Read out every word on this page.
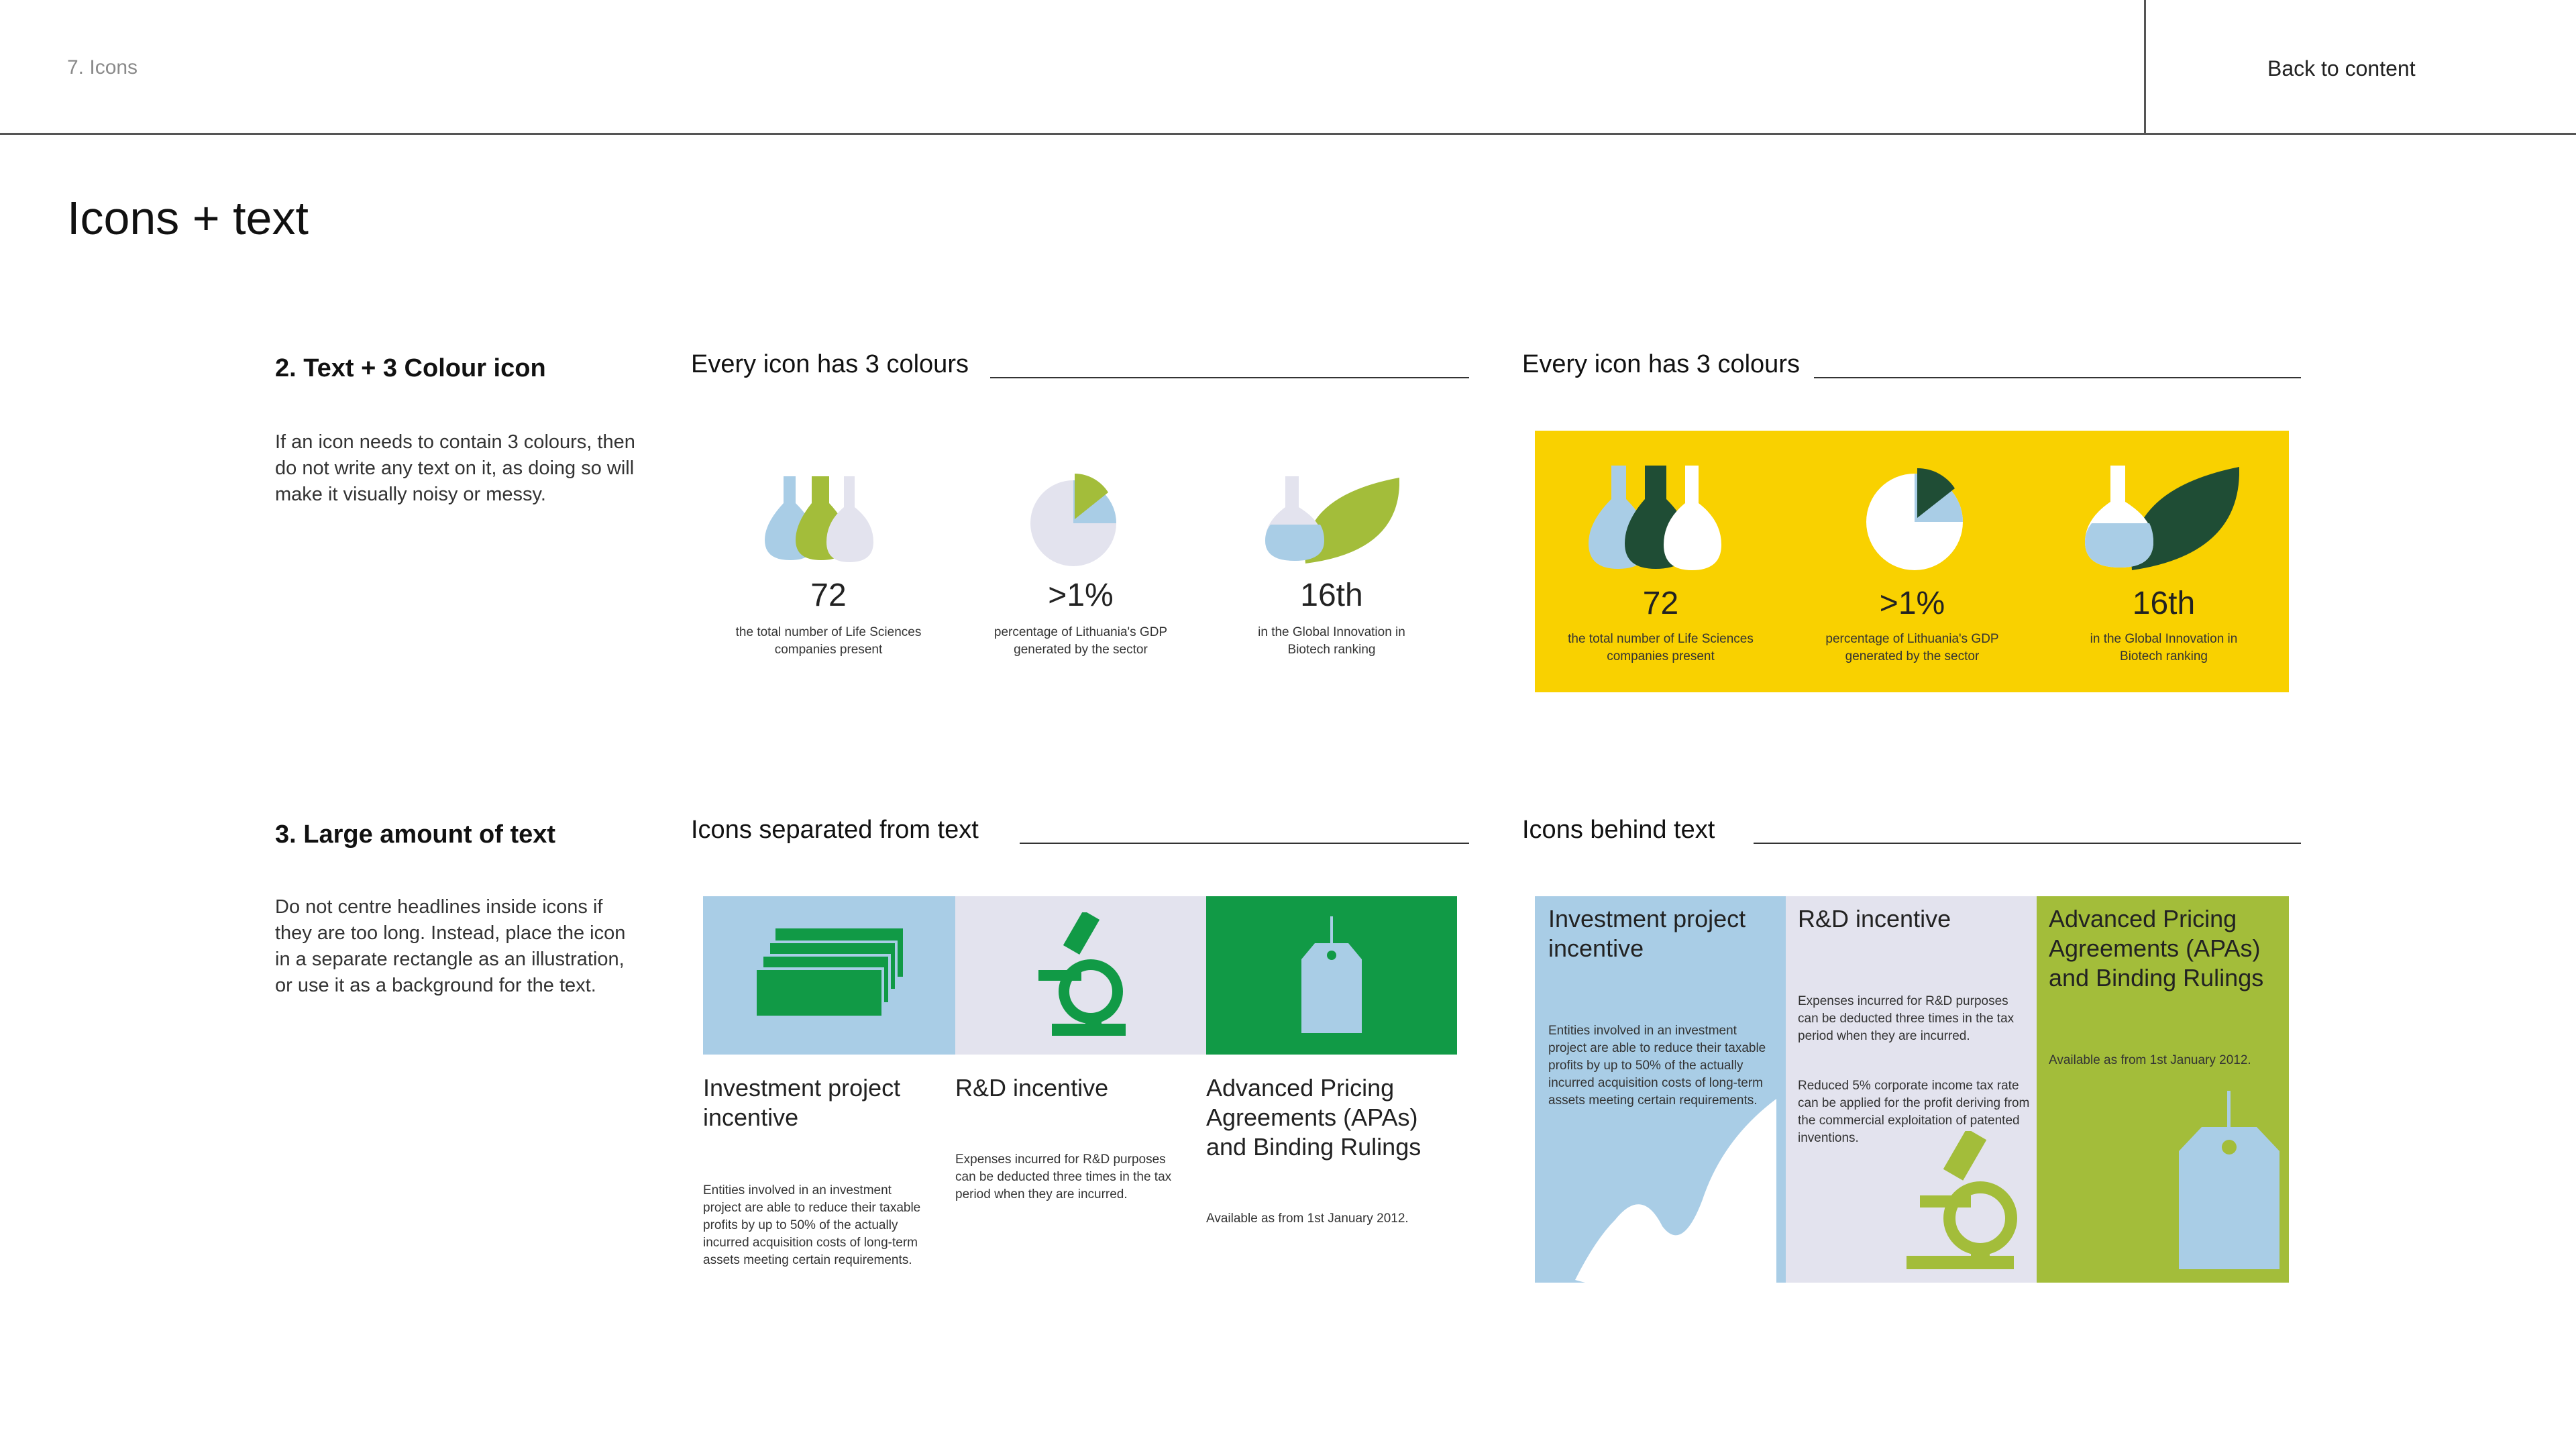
7. Icons	Back to content
Icons + text
2. Text + 3 Colour icon
If an icon needs to contain 3 colours, then do not write any text on it, as doing so will make it visually noisy or messy.
3. Large amount of text
Do not centre headlines inside icons if they are too long. Instead, place the icon in a separate rectangle as an illustration, or use it as a background for the text.
Every icon has 3 colours	Every icon has 3 colours
Icons separated from text	Icons behind text
72
the total number of Life Sciences companies present
>1%
percentage of Lithuania's GDP generated by the sector
16th
in the Global Innovation in Biotech ranking
72
the total number of Life Sciences companies present
>1%
percentage of Lithuania's GDP generated by the sector
16th
in the Global Innovation in Biotech ranking
Investment project incentive
Entities involved in an investment project are able to reduce their taxable profits by up to 50% of the actually incurred acquisition costs of long-term assets meeting certain requirements.
R&D incentive
Expenses incurred for R&D purposes can be deducted three times in the tax period when they are incurred.
Advanced Pricing Agreements (APAs) and Binding Rulings
Available as from 1st January 2012.
Investment project incentive
Entities involved in an investment project are able to reduce their taxable profits by up to 50% of the actually incurred acquisition costs of long-term assets meeting certain requirements.
R&D incentive
Expenses incurred for R&D purposes can be deducted three times in the tax period when they are incurred.
Reduced 5% corporate income tax rate can be applied for the profit deriving from the commercial exploitation of patented inventions.
Advanced Pricing Agreements (APAs) and Binding Rulings
Available as from 1st January 2012.
